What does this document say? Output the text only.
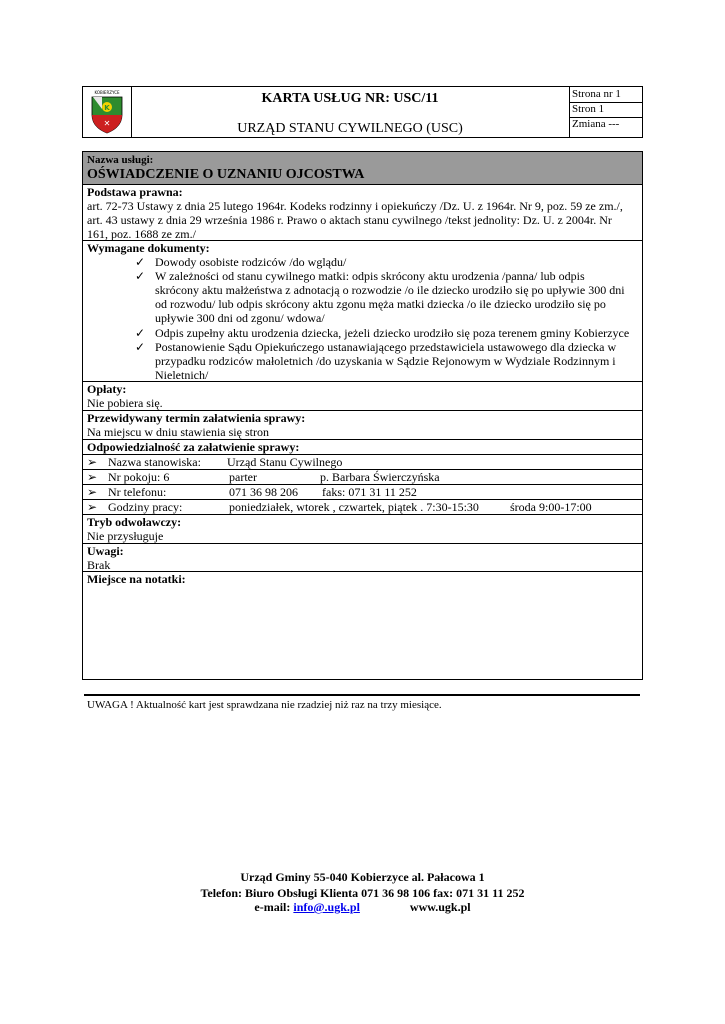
KOBIERZYCE
K
✕
KARTA USŁUG NR: USC/11
URZĄD STANU CYWILNEGO (USC)
Strona nr 1
Stron 1
Zmiana ---
Nazwa usługi:
OŚWIADCZENIE O UZNANIU OJCOSTWA
Podstawa prawna:
art. 72-73 Ustawy z dnia 25 lutego 1964r. Kodeks rodzinny i opiekuńczy /Dz. U. z 1964r. Nr 9, poz. 59 ze zm./,
art. 43 ustawy z dnia 29 września 1986 r. Prawo o aktach stanu cywilnego /tekst jednolity: Dz. U. z 2004r. Nr
161, poz. 1688 ze zm./
Wymagane dokumenty:
✓ Dowody osobiste rodziców /do wglądu/
✓ W zależności od stanu cywilnego matki: odpis skrócony aktu urodzenia /panna/ lub odpis
skrócony aktu małżeństwa z adnotacją o rozwodzie /o ile dziecko urodziło się po upływie 300 dni
od rozwodu/ lub odpis skrócony aktu zgonu męża matki dziecka /o ile dziecko urodziło się po
upływie 300 dni od zgonu/ wdowa/
✓ Odpis zupełny aktu urodzenia dziecka, jeżeli dziecko urodziło się poza terenem gminy Kobierzyce
✓ Postanowienie Sądu Opiekuńczego ustanawiającego przedstawiciela ustawowego dla dziecka w
przypadku rodziców małoletnich /do uzyskania w Sądzie Rejonowym w Wydziale Rodzinnym i
Nieletnich/
Opłaty:
Nie pobiera się.
Przewidywany termin załatwienia sprawy:
Na miejscu w dniu stawienia się stron
Odpowiedzialność za załatwienie sprawy:
➢ Nazwa stanowiska: Urząd Stanu Cywilnego
➢ Nr pokoju: 6	parter	p. Barbara Świerczyńska
➢ Nr telefonu:	071 36 98 206 faks: 071 31 11 252
➢ Godziny pracy:	poniedziałek, wtorek , czwartek, piątek . 7:30-15:30	środa 9:00-17:00
Tryb odwoławczy:
Nie przysługuje
Uwagi:
Brak
Miejsce na notatki:
UWAGA ! Aktualność kart jest sprawdzana nie rzadziej niż raz na trzy miesiące.
Urząd Gminy 55-040 Kobierzyce al. Pałacowa 1
Telefon: Biuro Obsługi Klienta 071 36 98 106 fax: 071 31 11 252
e-mail: info@.ugk.pl	www.ugk.pl
